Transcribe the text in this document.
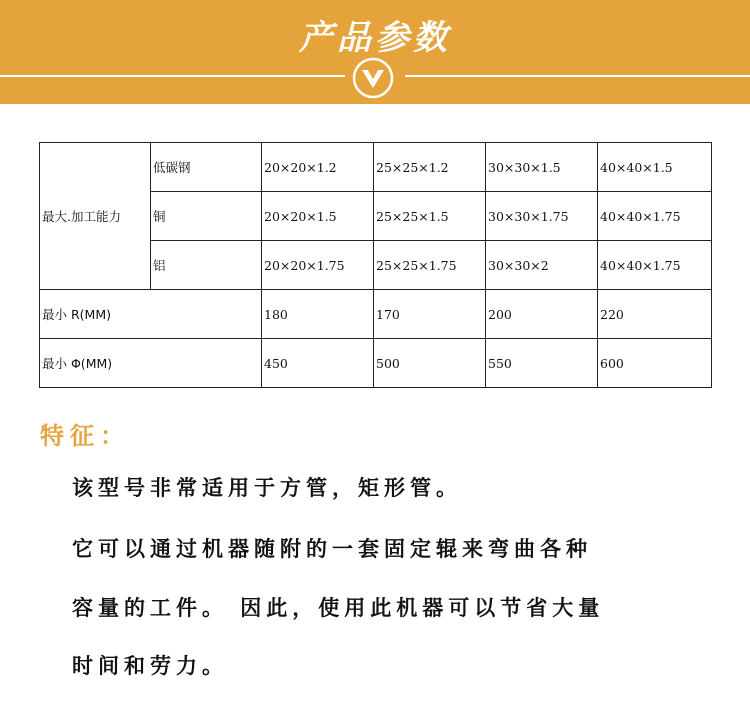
产品参数
最大.加工能力	低碳钢	20×20×1.2	25×25×1.2	30×30×1.5	40×40×1.5
	铜	20×20×1.5	25×25×1.5	30×30×1.75	40×40×1.75
	铝	20×20×1.75	25×25×1.75	30×30×2	40×40×1.75
最小 R(MM)		180	170	200	220
最小 Φ(MM)		450	500	550	600
特征：
该型号非常适用于方管，矩形管。
它可以通过机器随附的一套固定辊来弯曲各种
容量的工件。 因此，使用此机器可以节省大量
时间和劳力。
